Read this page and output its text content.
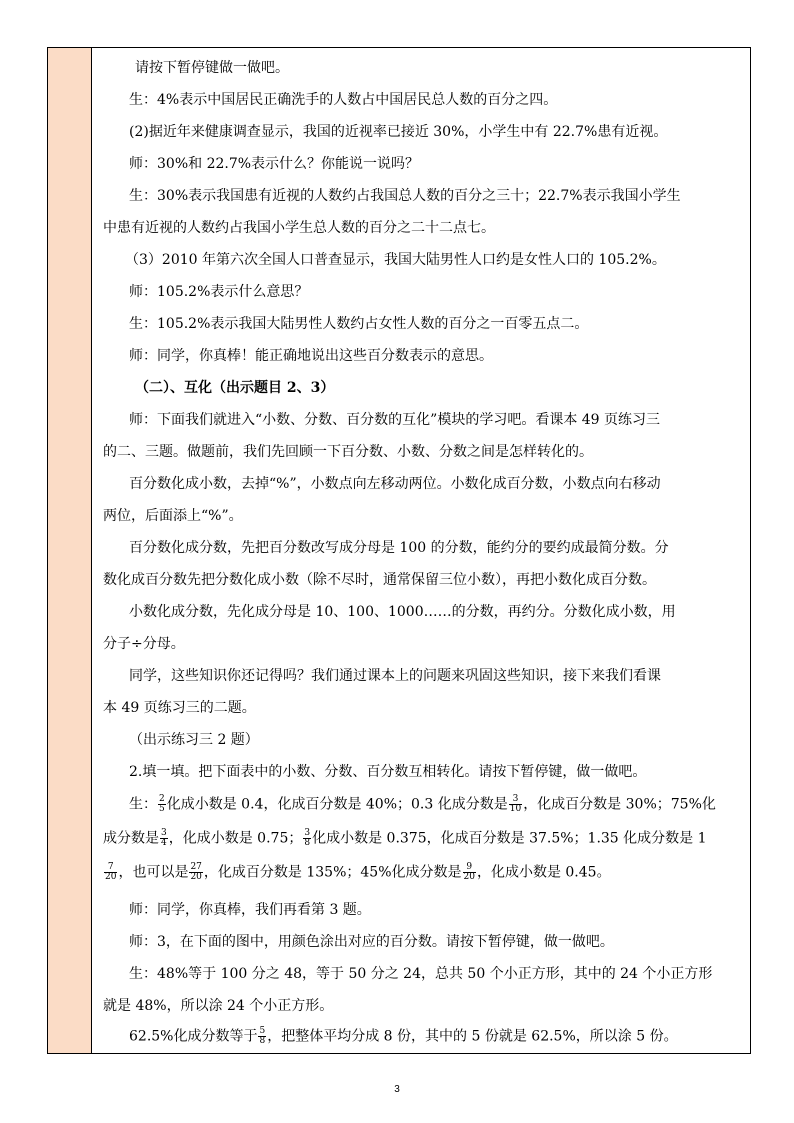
请按下暂停键做一做吧。
生：4%表示中国居民正确洗手的人数占中国居民总人数的百分之四。
(2)据近年来健康调查显示，我国的近视率已接近 30%，小学生中有 22.7%患有近视。
师：30%和 22.7%表示什么？你能说一说吗？
生：30%表示我国患有近视的人数约占我国总人数的百分之三十；22.7%表示我国小学生
中患有近视的人数约占我国小学生总人数的百分之二十二点七。
（3）2010 年第六次全国人口普查显示，我国大陆男性人口约是女性人口的 105.2%。
师：105.2%表示什么意思？
生：105.2%表示我国大陆男性人数约占女性人数的百分之一百零五点二。
师：同学，你真棒！能正确地说出这些百分数表示的意思。
（二）、互化（出示题目 2、3）
师：下面我们就进入“小数、分数、百分数的互化”模块的学习吧。看课本 49 页练习三
的二、三题。做题前，我们先回顾一下百分数、小数、分数之间是怎样转化的。
百分数化成小数，去掉“%”，小数点向左移动两位。小数化成百分数，小数点向右移动
两位，后面添上“%”。
百分数化成分数，先把百分数改写成分母是 100 的分数，能约分的要约成最简分数。分
数化成百分数先把分数化成小数（除不尽时，通常保留三位小数），再把小数化成百分数。
小数化成分数，先化成分母是 10、100、1000……的分数，再约分。分数化成小数，用
分子÷分母。
同学，这些知识你还记得吗？我们通过课本上的问题来巩固这些知识，接下来我们看课
本 49 页练习三的二题。
（出示练习三 2 题）
2.填一填。把下面表中的小数、分数、百分数互相转化。请按下暂停键，做一做吧。
生： $\frac{2}{5}$ 化成小数是 0.4，化成百分数是 40%；0.3 化成分数是 $\frac{3}{10}$ ，化成百分数是 30%；75%化
成分数是 $\frac{3}{4}$ ，化成小数是 0.75； $\frac{3}{8}$ 化成小数是 0.375，化成百分数是 37.5%；1.35 化成分数是 1
$\frac{7}{20}$ ，也可以是 $\frac{27}{20}$ ，化成百分数是 135%；45%化成分数是 $\frac{9}{20}$ ，化成小数是 0.45。
师：同学，你真棒，我们再看第 3 题。
师：3，在下面的图中，用颜色涂出对应的百分数。请按下暂停键，做一做吧。
生：48%等于 100 分之 48，等于 50 分之 24，总共 50 个小正方形，其中的 24 个小正方形
就是 48%，所以涂 24 个小正方形。
62.5%化成分数等于 $\frac{5}{8}$ ，把整体平均分成 8 份，其中的 5 份就是 62.5%，所以涂 5 份。
3
